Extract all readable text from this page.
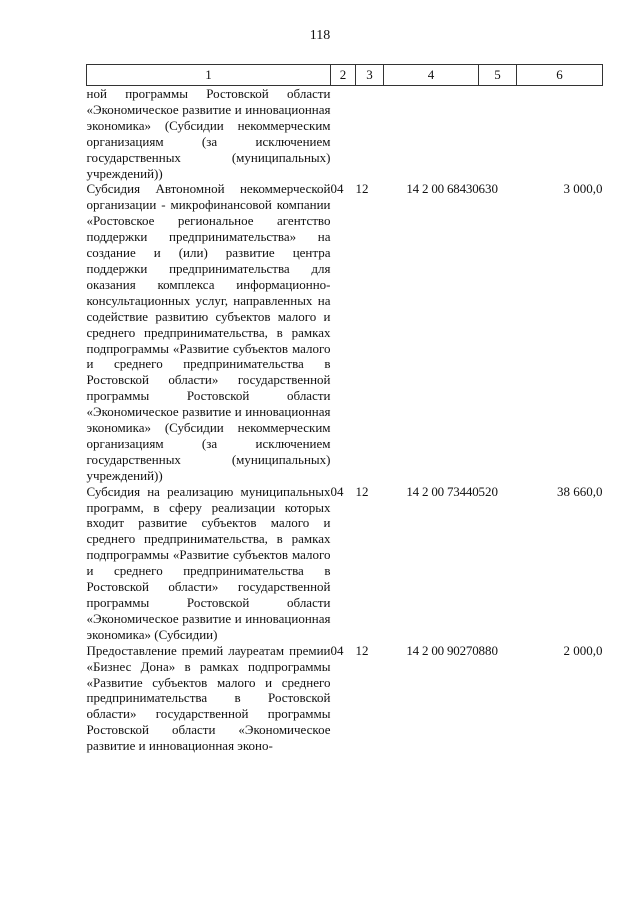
118
1	2	3	4	5	6
ной программы Ростовской области «Экономическое развитие и инновационная экономика» (Субсидии некоммерческим организациям (за исключением государственных (муниципальных) учреждений))					
Субсидия Автономной некоммерческой организации - микрофинансовой компании «Ростовское региональное агентство поддержки предпринимательства» на создание и (или) развитие центра поддержки предпринимательства для оказания комплекса информационно-консультационных услуг, направленных на содействие развитию субъектов малого и среднего предпринимательства, в рамках подпрограммы «Развитие субъектов малого и среднего предпринимательства в Ростовской области» государственной программы Ростовской области «Экономическое развитие и инновационная экономика» (Субсидии некоммерческим организациям (за исключением государственных (муниципальных) учреждений))	04	12	14 2 00 68430	630	3 000,0
Субсидия на реализацию муниципальных программ, в сферу реализации которых входит развитие субъектов малого и среднего предпринимательства, в рамках подпрограммы «Развитие субъектов малого и среднего предпринимательства в Ростовской области» государственной программы Ростовской области «Экономическое развитие и инновационная экономика» (Субсидии)	04	12	14 2 00 73440	520	38 660,0
Предоставление премий лауреатам премии «Бизнес Дона» в рамках подпрограммы «Развитие субъектов малого и среднего предпринимательства в Ростовской области» государственной программы Ростовской области «Экономическое развитие и инновационная эконо-	04	12	14 2 00 90270	880	2 000,0
